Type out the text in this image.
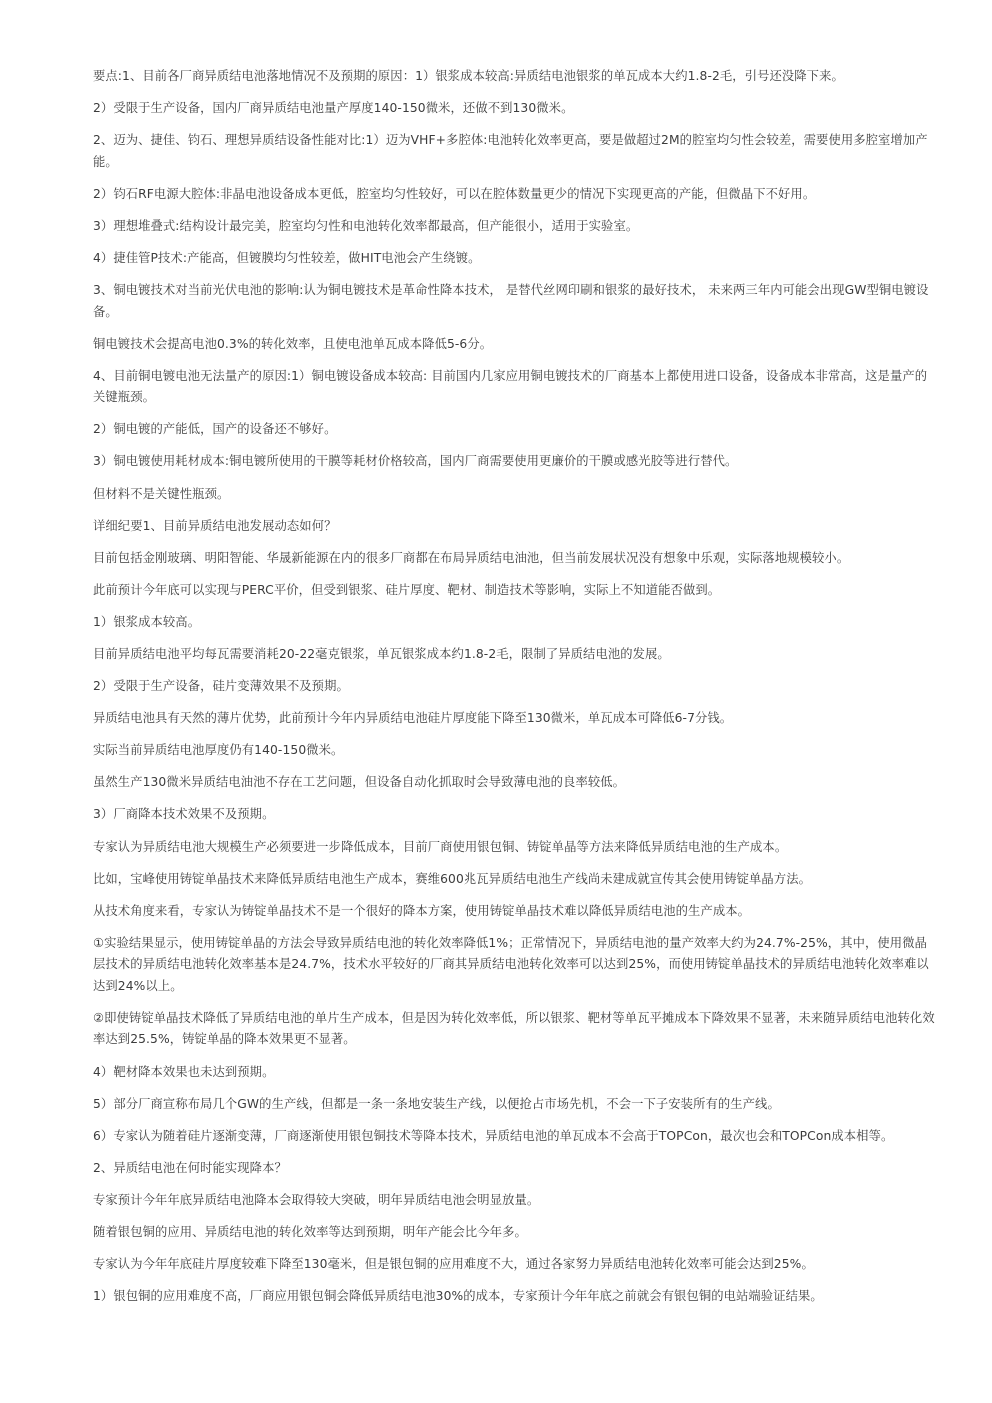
要点:1、目前各厂商异质结电池落地情况不及预期的原因：1）银浆成本较高:异质结电池银浆的单瓦成本大约1.8-2毛，引号还没降下来。

2）受限于生产设备，国内厂商异质结电池量产厚度140-150微米，还做不到130微米。

2、迈为、捷佳、钧石、理想异质结设备性能对比:1）迈为VHF+多腔体:电池转化效率更高，要是做超过2M的腔室均匀性会较差，需要使用多腔室增加产能。

2）钧石RF电源大腔体:非晶电池设备成本更低，腔室均匀性较好，可以在腔体数量更少的情况下实现更高的产能，但微晶下不好用。

3）理想堆叠式:结构设计最完美，腔室均匀性和电池转化效率都最高，但产能很小，适用于实验室。

4）捷佳管P技术:产能高，但镀膜均匀性较差，做HIT电池会产生绕镀。

3、铜电镀技术对当前光伏电池的影响:认为铜电镀技术是革命性降本技术， 是替代丝网印刷和银浆的最好技术， 未来两三年内可能会出现GW型铜电镀设备。

铜电镀技术会提高电池0.3%的转化效率，且使电池单瓦成本降低5-6分。

4、目前铜电镀电池无法量产的原因:1）铜电镀设备成本较高: 目前国内几家应用铜电镀技术的厂商基本上都使用进口设备，设备成本非常高，这是量产的关键瓶颈。

2）铜电镀的产能低，国产的设备还不够好。

3）铜电镀使用耗材成本:铜电镀所使用的干膜等耗材价格较高，国内厂商需要使用更廉价的干膜或感光胶等进行替代。

但材料不是关键性瓶颈。

详细纪要1、目前异质结电池发展动态如何？

目前包括金刚玻璃、明阳智能、华晟新能源在内的很多厂商都在布局异质结电油池，但当前发展状况没有想象中乐观，实际落地规模较小。

此前预计今年底可以实现与PERC平价，但受到银浆、硅片厚度、靶材、制造技术等影响，实际上不知道能否做到。

1）银浆成本较高。

目前异质结电池平均每瓦需要消耗20-22毫克银浆，单瓦银浆成本约1.8-2毛，限制了异质结电池的发展。

2）受限于生产设备，硅片变薄效果不及预期。

异质结电池具有天然的薄片优势，此前预计今年内异质结电池硅片厚度能下降至130微米，单瓦成本可降低6-7分钱。

实际当前异质结电池厚度仍有140-150微米。

虽然生产130微米异质结电油池不存在工艺问题，但设备自动化抓取时会导致薄电池的良率较低。

3）厂商降本技术效果不及预期。

专家认为异质结电池大规模生产必须要进一步降低成本，目前厂商使用银包铜、铸锭单晶等方法来降低异质结电池的生产成本。

比如，宝峰使用铸锭单晶技术来降低异质结电池生产成本，赛维600兆瓦异质结电池生产线尚未建成就宣传其会使用铸锭单晶方法。

从技术角度来看，专家认为铸锭单晶技术不是一个很好的降本方案，使用铸锭单晶技术难以降低异质结电池的生产成本。

①实验结果显示，使用铸锭单晶的方法会导致异质结电池的转化效率降低1%；正常情况下，异质结电池的量产效率大约为24.7%-25%，其中，使用微晶层技术的异质结电池转化效率基本是24.7%，技术水平较好的厂商其异质结电池转化效率可以达到25%，而使用铸锭单晶技术的异质结电池转化效率难以达到24%以上。

②即使铸锭单晶技术降低了异质结电池的单片生产成本，但是因为转化效率低，所以银浆、靶材等单瓦平摊成本下降效果不显著，未来随异质结电池转化效率达到25.5%，铸锭单晶的降本效果更不显著。

4）靶材降本效果也未达到预期。

5）部分厂商宣称布局几个GW的生产线，但都是一条一条地安装生产线，以便抢占市场先机，不会一下子安装所有的生产线。

6）专家认为随着硅片逐渐变薄，厂商逐渐使用银包铜技术等降本技术，异质结电池的单瓦成本不会高于TOPCon，最次也会和TOPCon成本相等。

2、异质结电池在何时能实现降本？

专家预计今年年底异质结电池降本会取得较大突破，明年异质结电池会明显放量。

随着银包铜的应用、异质结电池的转化效率等达到预期，明年产能会比今年多。

专家认为今年年底硅片厚度较难下降至130毫米，但是银包铜的应用难度不大，通过各家努力异质结电池转化效率可能会达到25%。

1）银包铜的应用难度不高，厂商应用银包铜会降低异质结电池30%的成本，专家预计今年年底之前就会有银包铜的电站端验证结果。
